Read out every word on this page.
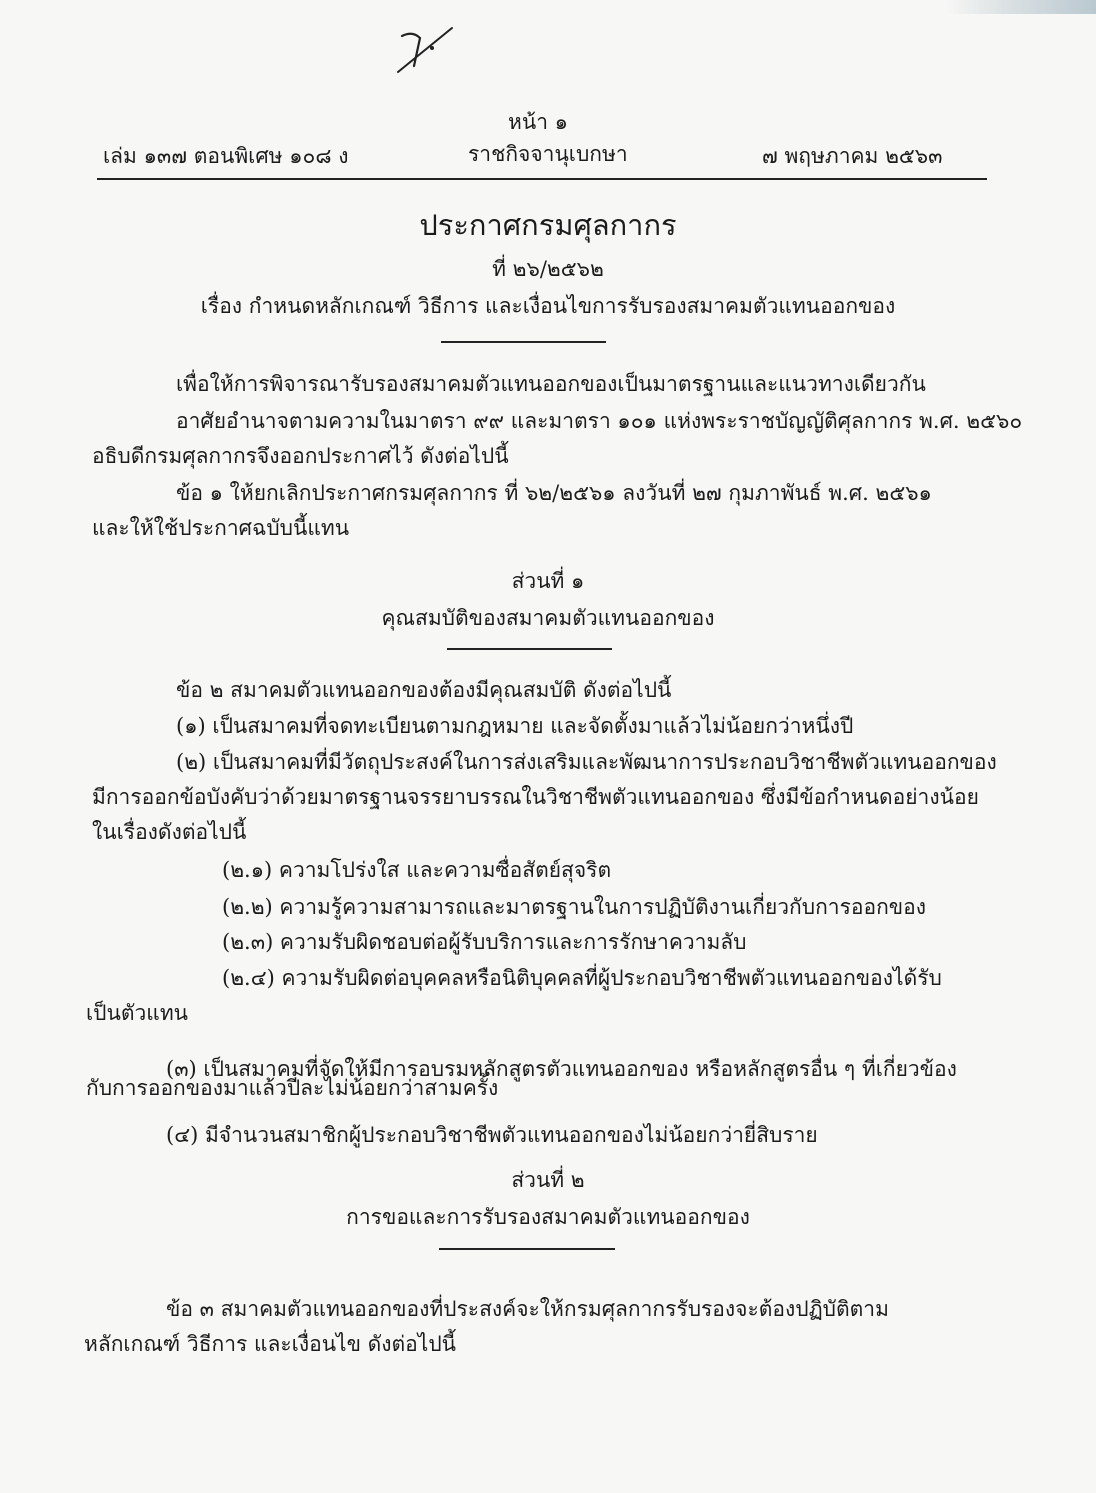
หน้า ๑
เล่ม ๑๓๗ ตอนพิเศษ ๑๐๘ ง	ราชกิจจานุเบกษา	๗ พฤษภาคม ๒๕๖๓
ประกาศกรมศุลกากร
ที่ ๒๖/๒๕๖๒
เรื่อง กำหนดหลักเกณฑ์ วิธีการ และเงื่อนไขการรับรองสมาคมตัวแทนออกของ
เพื่อให้การพิจารณารับรองสมาคมตัวแทนออกของเป็นมาตรฐานและแนวทางเดียวกัน
อาศัยอำนาจตามความในมาตรา ๙๙ และมาตรา ๑๐๑ แห่งพระราชบัญญัติศุลกากร พ.ศ. ๒๕๖๐
อธิบดีกรมศุลกากรจึงออกประกาศไว้ ดังต่อไปนี้
ข้อ ๑ ให้ยกเลิกประกาศกรมศุลกากร ที่ ๖๒/๒๕๖๑ ลงวันที่ ๒๗ กุมภาพันธ์ พ.ศ. ๒๕๖๑
และให้ใช้ประกาศฉบับนี้แทน
ส่วนที่ ๑
คุณสมบัติของสมาคมตัวแทนออกของ
ข้อ ๒ สมาคมตัวแทนออกของต้องมีคุณสมบัติ ดังต่อไปนี้
(๑) เป็นสมาคมที่จดทะเบียนตามกฎหมาย และจัดตั้งมาแล้วไม่น้อยกว่าหนึ่งปี
(๒) เป็นสมาคมที่มีวัตถุประสงค์ในการส่งเสริมและพัฒนาการประกอบวิชาชีพตัวแทนออกของ
มีการออกข้อบังคับว่าด้วยมาตรฐานจรรยาบรรณในวิชาชีพตัวแทนออกของ ซึ่งมีข้อกำหนดอย่างน้อย
ในเรื่องดังต่อไปนี้
(๒.๑) ความโปร่งใส และความซื่อสัตย์สุจริต
(๒.๒) ความรู้ความสามารถและมาตรฐานในการปฏิบัติงานเกี่ยวกับการออกของ
(๒.๓) ความรับผิดชอบต่อผู้รับบริการและการรักษาความลับ
(๒.๔) ความรับผิดต่อบุคคลหรือนิติบุคคลที่ผู้ประกอบวิชาชีพตัวแทนออกของได้รับ
เป็นตัวแทน
(๓) เป็นสมาคมที่จัดให้มีการอบรมหลักสูตรตัวแทนออกของ หรือหลักสูตรอื่น ๆ ที่เกี่ยวข้อง
กับการออกของมาแล้วปีละไม่น้อยกว่าสามครั้ง
(๔) มีจำนวนสมาชิกผู้ประกอบวิชาชีพตัวแทนออกของไม่น้อยกว่ายี่สิบราย
ส่วนที่ ๒
การขอและการรับรองสมาคมตัวแทนออกของ
ข้อ ๓ สมาคมตัวแทนออกของที่ประสงค์จะให้กรมศุลกากรรับรองจะต้องปฏิบัติตาม
หลักเกณฑ์ วิธีการ และเงื่อนไข ดังต่อไปนี้
